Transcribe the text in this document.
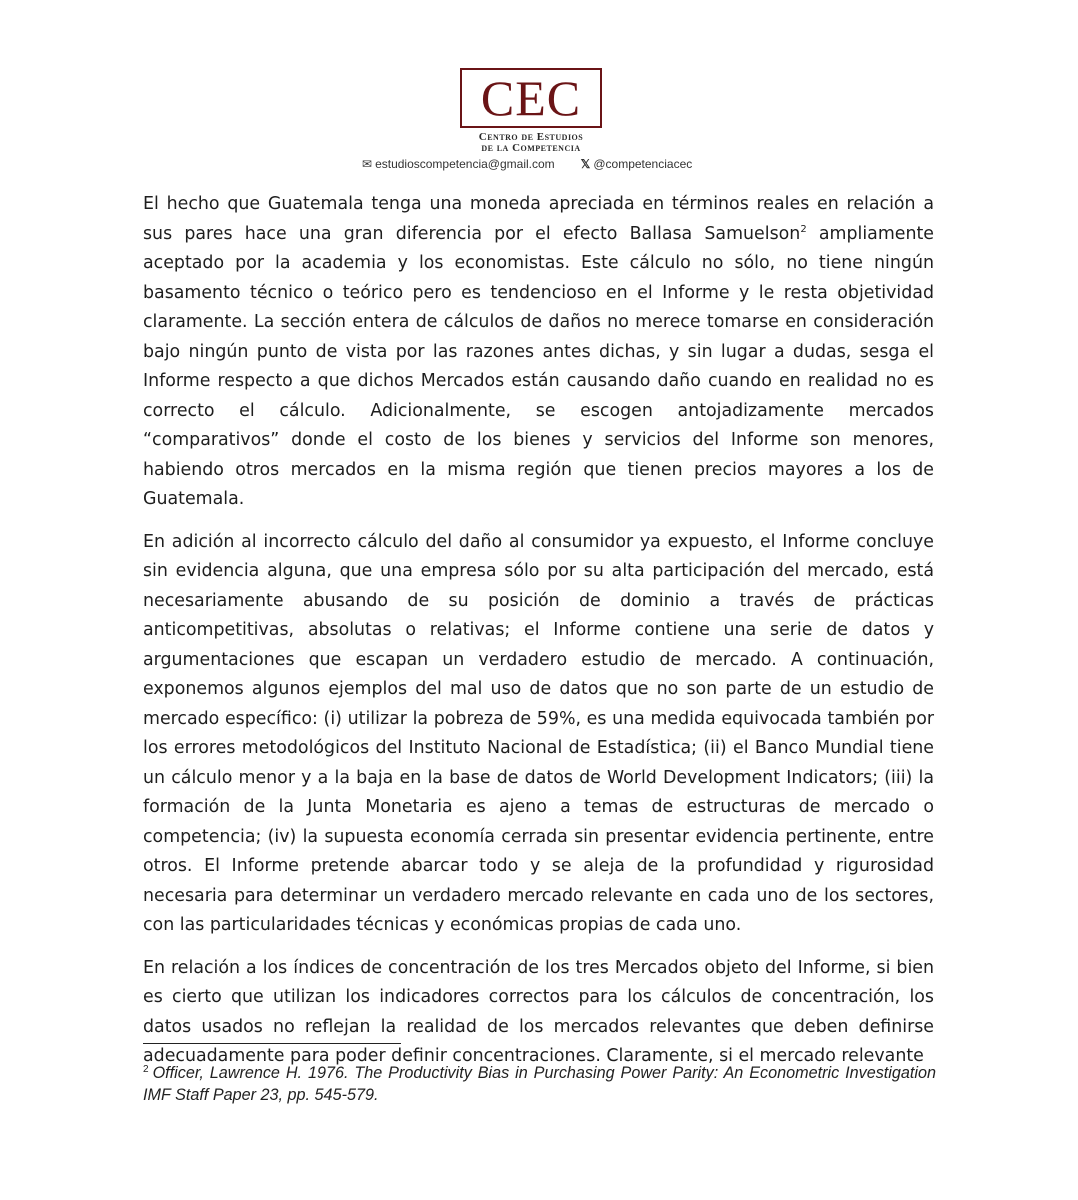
CEC
Centro de Estudios
de la Competencia
✉ estudioscompetencia@gmail.com 𝕏 @competenciacec

El hecho que Guatemala tenga una moneda apreciada en términos reales en relación a sus pares hace una gran diferencia por el efecto Ballasa Samuelson$^2$ ampliamente aceptado por la academia y los economistas. Este cálculo no sólo, no tiene ningún basamento técnico o teórico pero es tendencioso en el Informe y le resta objetividad claramente. La sección entera de cálculos de daños no merece tomarse en consideración bajo ningún punto de vista por las razones antes dichas, y sin lugar a dudas, sesga el Informe respecto a que dichos Mercados están causando daño cuando en realidad no es correcto el cálculo. Adicionalmente, se escogen antojadizamente mercados “comparativos” donde el costo de los bienes y servicios del Informe son menores, habiendo otros mercados en la misma región que tienen precios mayores a los de Guatemala.

En adición al incorrecto cálculo del daño al consumidor ya expuesto, el Informe concluye sin evidencia alguna, que una empresa sólo por su alta participación del mercado, está necesariamente abusando de su posición de dominio a través de prácticas anticompetitivas, absolutas o relativas; el Informe contiene una serie de datos y argumentaciones que escapan un verdadero estudio de mercado. A continuación, exponemos algunos ejemplos del mal uso de datos que no son parte de un estudio de mercado específico: (i) utilizar la pobreza de 59%, es una medida equivocada también por los errores metodológicos del Instituto Nacional de Estadística; (ii) el Banco Mundial tiene un cálculo menor y a la baja en la base de datos de World Development Indicators; (iii) la formación de la Junta Monetaria es ajeno a temas de estructuras de mercado o competencia; (iv) la supuesta economía cerrada sin presentar evidencia pertinente, entre otros. El Informe pretende abarcar todo y se aleja de la profundidad y rigurosidad necesaria para determinar un verdadero mercado relevante en cada uno de los sectores, con las particularidades técnicas y económicas propias de cada uno.

En relación a los índices de concentración de los tres Mercados objeto del Informe, si bien es cierto que utilizan los indicadores correctos para los cálculos de concentración, los datos usados no reflejan la realidad de los mercados relevantes que deben definirse adecuadamente para poder definir concentraciones. Claramente, si el mercado relevante

$^2$ Officer, Lawrence H. 1976. The Productivity Bias in Purchasing Power Parity: An Econometric Investigation IMF Staff Paper 23, pp. 545-579.
